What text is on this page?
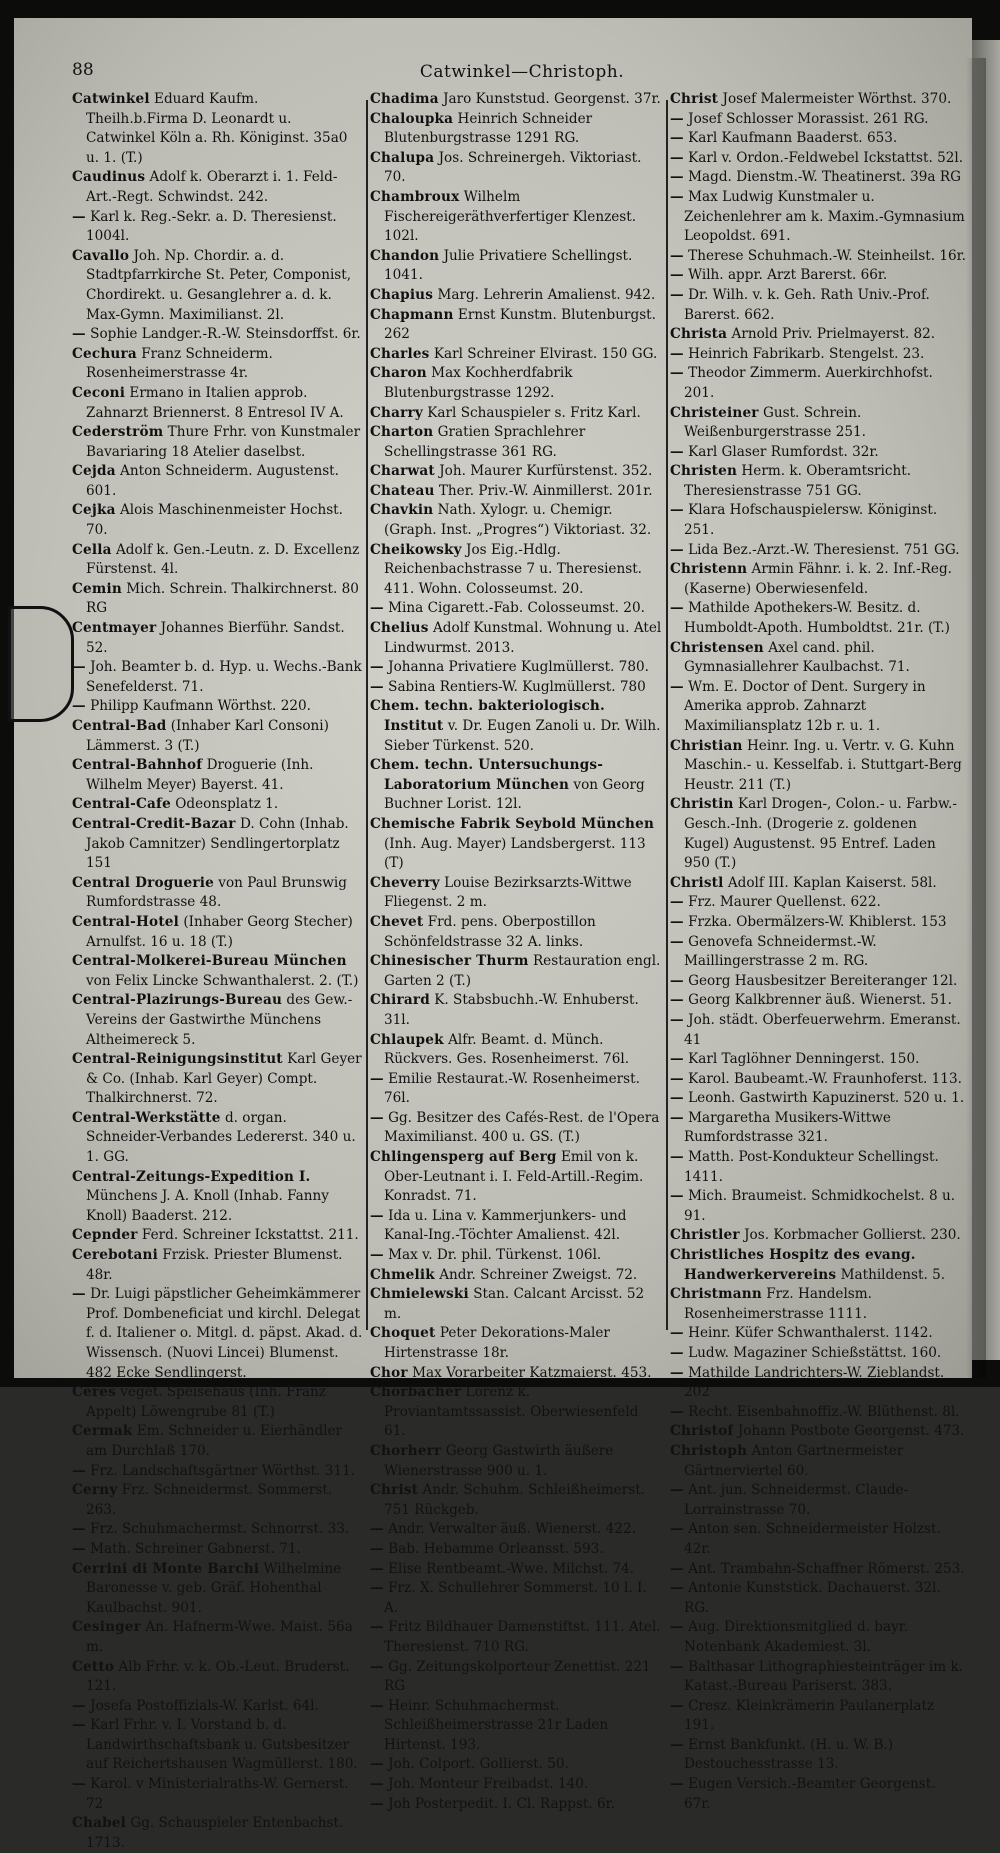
88	Catwinkel—Christoph.

Catwinkel Eduard Kaufm. Theilh.b.Firma D. Leonardt u. Catwinkel Köln a. Rh. Königinst. 35a0 u. 1. (T.)

Caudinus Adolf k. Oberarzt i. 1. Feld-Art.-Regt. Schwindst. 242.

— Karl k. Reg.-Sekr. a. D. Theresienst. 1004l.

Cavallo Joh. Np. Chordir. a. d. Stadtpfarrkirche St. Peter, Componist, Chordirekt. u. Gesanglehrer a. d. k. Max-Gymn. Maximilianst. 2l.

— Sophie Landger.-R.-W. Steinsdorffst. 6r.

Cechura Franz Schneiderm. Rosenheimerstrasse 4r.

Ceconi Ermano in Italien approb. Zahnarzt Briennerst. 8 Entresol IV A.

Cederström Thure Frhr. von Kunstmaler Bavariaring 18 Atelier daselbst.

Cejda Anton Schneiderm. Augustenst. 601.

Cejka Alois Maschinenmeister Hochst. 70.

Cella Adolf k. Gen.-Leutn. z. D. Excellenz Fürstenst. 4l.

Cemin Mich. Schrein. Thalkirchnerst. 80 RG

Centmayer Johannes Bierführ. Sandst. 52.

— Joh. Beamter b. d. Hyp. u. Wechs.-Bank Senefelderst. 71.

— Philipp Kaufmann Wörthst. 220.

Central-Bad (Inhaber Karl Consoni) Lämmerst. 3 (T.)

Central-Bahnhof Droguerie (Inh. Wilhelm Meyer) Bayerst. 41.

Central-Cafe Odeonsplatz 1.

Central-Credit-Bazar D. Cohn (Inhab. Jakob Camnitzer) Sendlingertorplatz 151

Central Droguerie von Paul Brunswig Rumfordstrasse 48.

Central-Hotel (Inhaber Georg Stecher) Arnulfst. 16 u. 18 (T.)

Central-Molkerei-Bureau München von Felix Lincke Schwanthalerst. 2. (T.)

Central-Plazirungs-Bureau des Gew.-Vereins der Gastwirthe Münchens Altheimereck 5.

Central-Reinigungsinstitut Karl Geyer & Co. (Inhab. Karl Geyer) Compt. Thalkirchnerst. 72.

Central-Werkstätte d. organ. Schneider-Verbandes Ledererst. 340 u. 1. GG.

Central-Zeitungs-Expedition I. Münchens J. A. Knoll (Inhab. Fanny Knoll) Baaderst. 212.

Cepnder Ferd. Schreiner Ickstattst. 211.

Cerebotani Frzisk. Priester Blumenst. 48r.

— Dr. Luigi päpstlicher Geheimkämmerer Prof. Dombeneficiat und kirchl. Delegat f. d. Italiener o. Mitgl. d. päpst. Akad. d. Wissensch. (Nuovi Lincei) Blumenst. 482 Ecke Sendlingerst.

Ceres veget. Speisehaus (Inh. Franz Appelt) Löwengrube 81 (T.)

Cermak Em. Schneider u. Eierhändler am Durchlaß 170.

— Frz. Landschaftsgärtner Wörthst. 311.

Cerny Frz. Schneidermst. Sommerst. 263.

— Frz. Schuhmachermst. Schnorrst. 33.

— Math. Schreiner Gabnerst. 71.

Cerrini di Monte Barchi Wilhelmine Baronesse v. geb. Gräf. Hohenthal Kaulbachst. 901.

Cesinger An. Hafnerm-Wwe. Maist. 56a m.

Cetto Alb Frhr. v. k. Ob.-Leut. Bruderst. 121.

— Josefa Postoffizials-W. Karlst. 64l.

— Karl Frhr. v. I. Vorstand b. d. Landwirthschaftsbank u. Gutsbesitzer auf Reichertshausen Wagmüllerst. 180.

— Karol. v Ministerialraths-W. Gernerst. 72

Chabel Gg. Schauspieler Entenbachst. 1713.

Chadima Jaro Kunststud. Georgenst. 37r.

Chaloupka Heinrich Schneider Blutenburgstrasse 1291 RG.

Chalupa Jos. Schreinergeh. Viktoriast. 70.

Chambroux Wilhelm Fischereigeräthverfertiger Klenzest. 102l.

Chandon Julie Privatiere Schellingst. 1041.

Chapius Marg. Lehrerin Amalienst. 942.

Chapmann Ernst Kunstm. Blutenburgst. 262

Charles Karl Schreiner Elvirast. 150 GG.

Charon Max Kochherdfabrik Blutenburgstrasse 1292.

Charry Karl Schauspieler s. Fritz Karl.

Charton Gratien Sprachlehrer Schellingstrasse 361 RG.

Charwat Joh. Maurer Kurfürstenst. 352.

Chateau Ther. Priv.-W. Ainmillerst. 201r.

Chavkin Nath. Xylogr. u. Chemigr. (Graph. Inst. „Progres“) Viktoriast. 32.

Cheikowsky Jos Eig.-Hdlg. Reichenbachstrasse 7 u. Theresienst. 411. Wohn. Colosseumst. 20.

— Mina Cigarett.-Fab. Colosseumst. 20.

Chelius Adolf Kunstmal. Wohnung u. Atel Lindwurmst. 2013.

— Johanna Privatiere Kuglmüllerst. 780.

— Sabina Rentiers-W. Kuglmüllerst. 780

Chem. techn. bakteriologisch. Institut v. Dr. Eugen Zanoli u. Dr. Wilh. Sieber Türkenst. 520.

Chem. techn. Untersuchungs-Laboratorium München von Georg Buchner Lorist. 12l.

Chemische Fabrik Seybold München (Inh. Aug. Mayer) Landsbergerst. 113 (T)

Cheverry Louise Bezirksarzts-Wittwe Fliegenst. 2 m.

Chevet Frd. pens. Oberpostillon Schönfeldstrasse 32 A. links.

Chinesischer Thurm Restauration engl. Garten 2 (T.)

Chirard K. Stabsbuchh.-W. Enhuberst. 31l.

Chlaupek Alfr. Beamt. d. Münch. Rückvers. Ges. Rosenheimerst. 76l.

— Emilie Restaurat.-W. Rosenheimerst. 76l.

— Gg. Besitzer des Cafés-Rest. de l'Opera Maximilianst. 400 u. GS. (T.)

Chlingensperg auf Berg Emil von k. Ober-Leutnant i. I. Feld-Artill.-Regim. Konradst. 71.

— Ida u. Lina v. Kammerjunkers- und Kanal-Ing.-Töchter Amalienst. 42l.

— Max v. Dr. phil. Türkenst. 106l.

Chmelik Andr. Schreiner Zweigst. 72.

Chmielewski Stan. Calcant Arcisst. 52 m.

Choquet Peter Dekorations-Maler Hirtenstrasse 18r.

Chor Max Vorarbeiter Katzmaierst. 453.

Chorbacher Lorenz k. Proviantamtssassist. Oberwiesenfeld 61.

Chorherr Georg Gastwirth äußere Wienerstrasse 900 u. 1.

Christ Andr. Schuhm. Schleißheimerst. 751 Rückgeb.

— Andr. Verwalter äuß. Wienerst. 422.

— Bab. Hebamme Orleansst. 593.

— Elise Rentbeamt.-Wwe. Milchst. 74.

— Frz. X. Schullehrer Sommerst. 10 l. I. A.

— Fritz Bildhauer Damenstiftst. 111. Atel. Theresienst. 710 RG.

— Gg. Zeitungskolporteur Zenettist. 221 RG

— Heinr. Schuhmachermst. Schleißheimerstrasse 21r Laden Hirtenst. 193.

— Joh. Colport. Gollierst. 50.

— Joh. Monteur Freibadst. 140.

— Joh Posterpedit. I. Cl. Rappst. 6r.

Christ Josef Malermeister Wörthst. 370.

— Josef Schlosser Morassist. 261 RG.

— Karl Kaufmann Baaderst. 653.

— Karl v. Ordon.-Feldwebel Ickstattst. 52l.

— Magd. Dienstm.-W. Theatinerst. 39a RG

— Max Ludwig Kunstmaler u. Zeichenlehrer am k. Maxim.-Gymnasium Leopoldst. 691.

— Therese Schuhmach.-W. Steinheilst. 16r.

— Wilh. appr. Arzt Barerst. 66r.

— Dr. Wilh. v. k. Geh. Rath Univ.-Prof. Barerst. 662.

Christa Arnold Priv. Prielmayerst. 82.

— Heinrich Fabrikarb. Stengelst. 23.

— Theodor Zimmerm. Auerkirchhofst. 201.

Christeiner Gust. Schrein. Weißenburgerstrasse 251.

— Karl Glaser Rumfordst. 32r.

Christen Herm. k. Oberamtsricht. Theresienstrasse 751 GG.

— Klara Hofschauspielersw. Königinst. 251.

— Lida Bez.-Arzt.-W. Theresienst. 751 GG.

Christenn Armin Fähnr. i. k. 2. Inf.-Reg. (Kaserne) Oberwiesenfeld.

— Mathilde Apothekers-W. Besitz. d. Humboldt-Apoth. Humboldtst. 21r. (T.)

Christensen Axel cand. phil. Gymnasiallehrer Kaulbachst. 71.

— Wm. E. Doctor of Dent. Surgery in Amerika approb. Zahnarzt Maximiliansplatz 12b r. u. 1.

Christian Heinr. Ing. u. Vertr. v. G. Kuhn Maschin.- u. Kesselfab. i. Stuttgart-Berg Heustr. 211 (T.)

Christin Karl Drogen-, Colon.- u. Farbw.-Gesch.-Inh. (Drogerie z. goldenen Kugel) Augustenst. 95 Entref. Laden 950 (T.)

Christl Adolf III. Kaplan Kaiserst. 58l.

— Frz. Maurer Quellenst. 622.

— Frzka. Obermälzers-W. Khiblerst. 153

— Genovefa Schneidermst.-W. Maillingerstrasse 2 m. RG.

— Georg Hausbesitzer Bereiteranger 12l.

— Georg Kalkbrenner äuß. Wienerst. 51.

— Joh. städt. Oberfeuerwehrm. Emeranst. 41

— Karl Taglöhner Denningerst. 150.

— Karol. Baubeamt.-W. Fraunhoferst. 113.

— Leonh. Gastwirth Kapuzinerst. 520 u. 1.

— Margaretha Musikers-Wittwe Rumfordstrasse 321.

— Matth. Post-Kondukteur Schellingst. 1411.

— Mich. Braumeist. Schmidkochelst. 8 u. 91.

Christler Jos. Korbmacher Gollierst. 230.

Christliches Hospitz des evang. Handwerkervereins Mathildenst. 5.

Christmann Frz. Handelsm. Rosenheimerstrasse 1111.

— Heinr. Küfer Schwanthalerst. 1142.

— Ludw. Magaziner Schießstättst. 160.

— Mathilde Landrichters-W. Zieblandst. 202

— Recht. Eisenbahnoffiz.-W. Blüthenst. 8l.

Christof Johann Postbote Georgenst. 473.

Christoph Anton Gartnermeister Gärtnerviertel 60.

— Ant. jun. Schneidermst. Claude-Lorrainstrasse 70.

— Anton sen. Schneidermeister Holzst. 42r.

— Ant. Trambahn-Schaffner Römerst. 253.

— Antonie Kunststick. Dachauerst. 32l. RG.

— Aug. Direktionsmitglied d. bayr. Notenbank Akademiest. 3l.

— Balthasar Lithographiesteinträger im k. Katast.-Bureau Pariserst. 383.

— Cresz. Kleinkrämerin Paulanerplatz 191.

— Ernst Bankfunkt. (H. u. W. B.) Destouchesstrasse 13.

— Eugen Versich.-Beamter Georgenst. 67r.
